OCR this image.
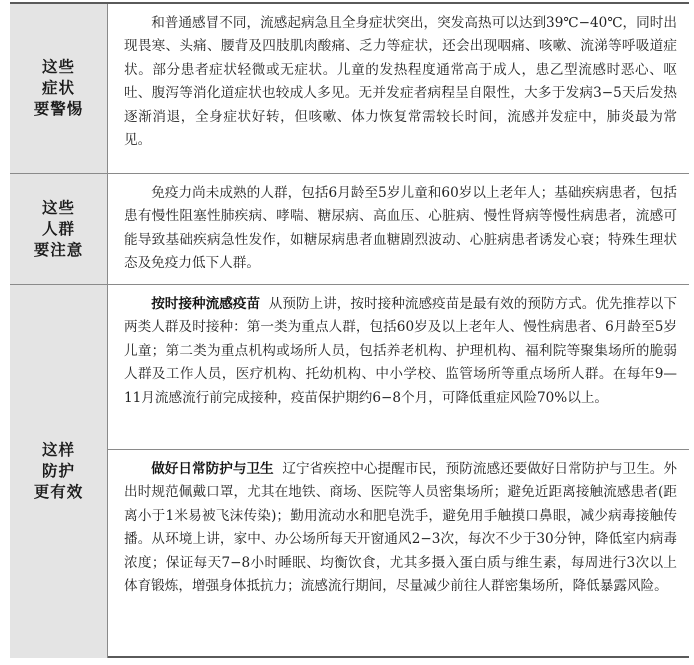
这些
症状
要警惕

和普通感冒不同，流感起病急且全身症状突出，突发高热可以达到39℃−40℃，同时出现畏寒、头痛、腰背及四肢肌肉酸痛、乏力等症状，还会出现咽痛、咳嗽、流涕等呼吸道症状。部分患者症状轻微或无症状。儿童的发热程度通常高于成人，患乙型流感时恶心、呕吐、腹泻等消化道症状也较成人多见。无并发症者病程呈自限性，大多于发病3−5天后发热逐渐消退，全身症状好转，但咳嗽、体力恢复常需较长时间，流感并发症中，肺炎最为常见。

这些
人群
要注意

免疫力尚未成熟的人群，包括6月龄至5岁儿童和60岁以上老年人；基础疾病患者，包括患有慢性阻塞性肺疾病、哮喘、糖尿病、高血压、心脏病、慢性肾病等慢性病患者，流感可能导致基础疾病急性发作，如糖尿病患者血糖剧烈波动、心脏病患者诱发心衰；特殊生理状态及免疫力低下人群。

这样
防护
更有效

按时接种流感疫苗 从预防上讲，按时接种流感疫苗是最有效的预防方式。优先推荐以下两类人群及时接种：第一类为重点人群，包括60岁及以上老年人、慢性病患者、6月龄至5岁儿童；第二类为重点机构或场所人员，包括养老机构、护理机构、福利院等聚集场所的脆弱人群及工作人员，医疗机构、托幼机构、中小学校、监管场所等重点场所人群。在每年9—11月流感流行前完成接种，疫苗保护期约6−8个月，可降低重症风险70%以上。

做好日常防护与卫生 辽宁省疾控中心提醒市民，预防流感还要做好日常防护与卫生。外出时规范佩戴口罩，尤其在地铁、商场、医院等人员密集场所；避免近距离接触流感患者(距离小于1米易被飞沫传染)；勤用流动水和肥皂洗手，避免用手触摸口鼻眼，减少病毒接触传播。从环境上讲，家中、办公场所每天开窗通风2−3次，每次不少于30分钟，降低室内病毒浓度；保证每天7−8小时睡眠、均衡饮食，尤其多摄入蛋白质与维生素，每周进行3次以上体育锻炼，增强身体抵抗力；流感流行期间，尽量减少前往人群密集场所，降低暴露风险。
